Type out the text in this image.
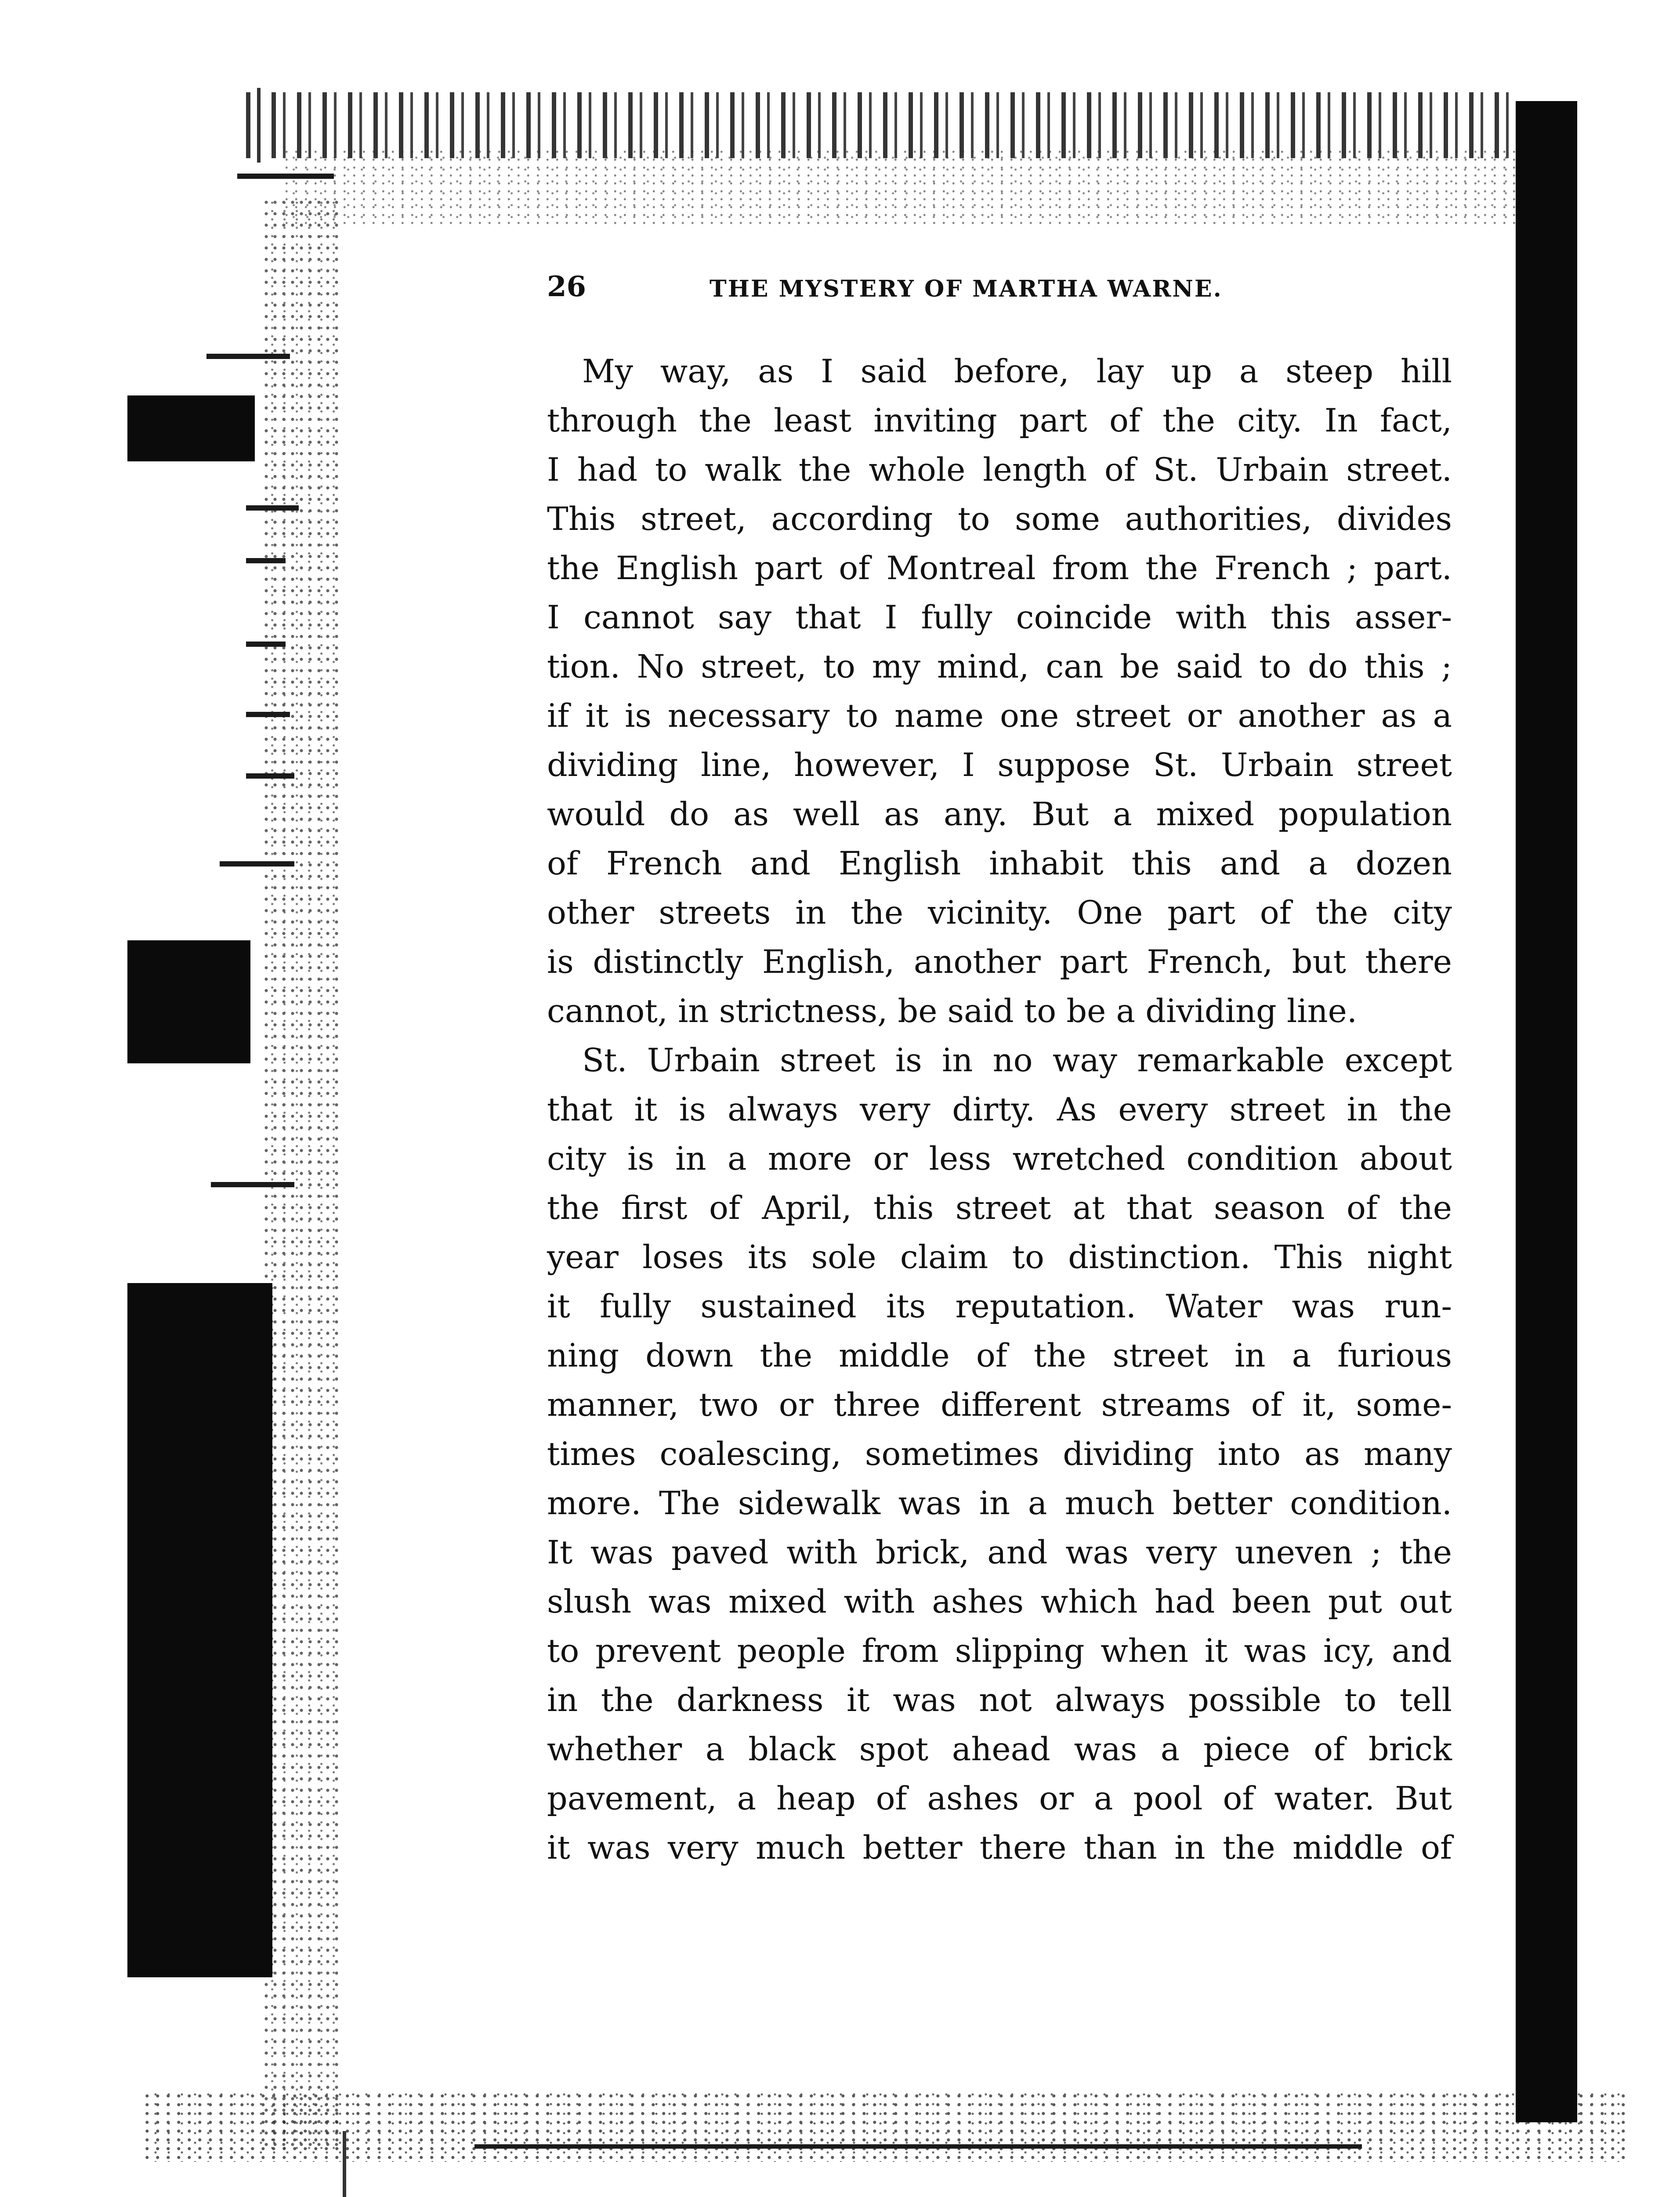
26	THE MYSTERY OF MARTHA WARNE.
My way, as I said before, lay up a steep hill
through the least inviting part of the city. In fact,
I had to walk the whole length of St. Urbain street.
This street, according to some authorities, divides
the English part of Montreal from the French ; part.
I cannot say that I fully coincide with this asser-
tion. No street, to my mind, can be said to do this ;
if it is necessary to name one street or another as a
dividing line, however, I suppose St. Urbain street
would do as well as any. But a mixed population
of French and English inhabit this and a dozen
other streets in the vicinity. One part of the city
is distinctly English, another part French, but there
cannot, in strictness, be said to be a dividing line.
St. Urbain street is in no way remarkable except
that it is always very dirty. As every street in the
city is in a more or less wretched condition about
the first of April, this street at that season of the
year loses its sole claim to distinction. This night
it fully sustained its reputation. Water was run-
ning down the middle of the street in a furious
manner, two or three different streams of it, some-
times coalescing, sometimes dividing into as many
more. The sidewalk was in a much better condition.
It was paved with brick, and was very uneven ; the
slush was mixed with ashes which had been put out
to prevent people from slipping when it was icy, and
in the darkness it was not always possible to tell
whether a black spot ahead was a piece of brick
pavement, a heap of ashes or a pool of water. But
it was very much better there than in the middle of
